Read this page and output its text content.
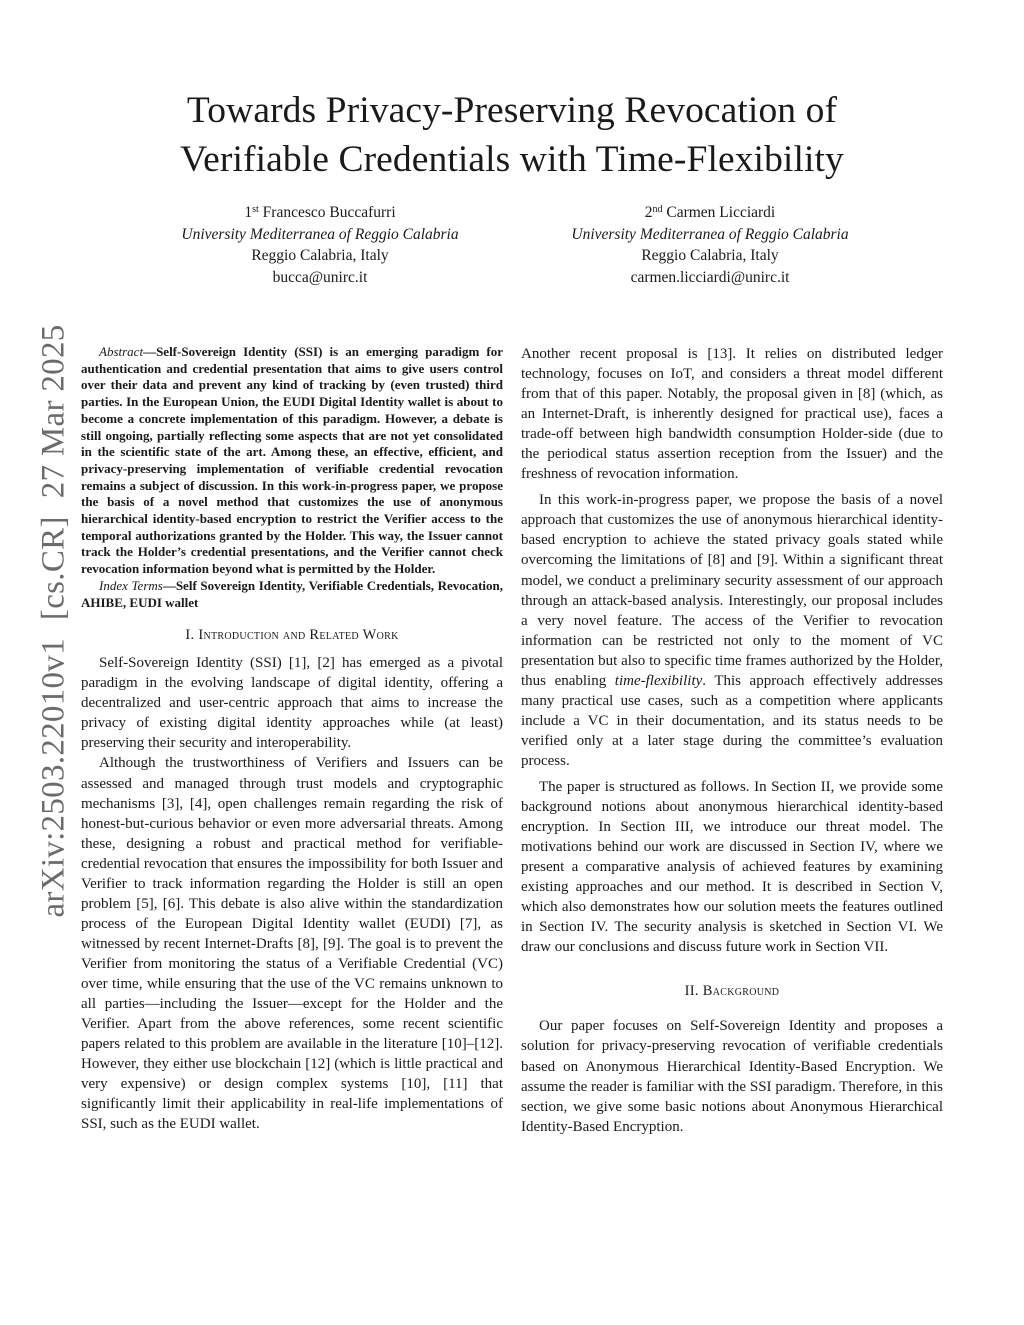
Towards Privacy-Preserving Revocation of
Verifiable Credentials with Time-Flexibility
1st Francesco Buccafurri
University Mediterranea of Reggio Calabria
Reggio Calabria, Italy
bucca@unirc.it
2nd Carmen Licciardi
University Mediterranea of Reggio Calabria
Reggio Calabria, Italy
carmen.licciardi@unirc.it
arXiv:2503.22010v1[cs.CR]27 Mar 2025	Abstract—Self-Sovereign Identity (SSI) is an emerging paradigm for authentication and credential presentation that aims to give users control over their data and prevent any kind of tracking by (even trusted) third parties. In the European Union, the EUDI Digital Identity wallet is about to become a concrete implementation of this paradigm. However, a debate is still ongoing, partially reflecting some aspects that are not yet consolidated in the scientific state of the art. Among these, an effective, efficient, and privacy-preserving implementation of verifiable credential revocation remains a subject of discussion. In this work-in-progress paper, we propose the basis of a novel method that customizes the use of anonymous hierarchical identity-based encryption to restrict the Verifier access to the temporal authorizations granted by the Holder. This way, the Issuer cannot track the Holder’s credential presentations, and the Verifier cannot check revocation information beyond what is permitted by the Holder.

Index Terms—Self Sovereign Identity, Verifiable Credentials, Revocation, AHIBE, EUDI wallet

I. Introduction and Related Work

Self-Sovereign Identity (SSI) [1], [2] has emerged as a pivotal paradigm in the evolving landscape of digital identity, offering a decentralized and user-centric approach that aims to increase the privacy of existing digital identity approaches while (at least) preserving their security and interoperability.

Although the trustworthiness of Verifiers and Issuers can be assessed and managed through trust models and cryptographic mechanisms [3], [4], open challenges remain regarding the risk of honest-but-curious behavior or even more adversarial threats. Among these, designing a robust and practical method for verifiable-credential revocation that ensures the impossibility for both Issuer and Verifier to track information regarding the Holder is still an open problem [5], [6]. This debate is also alive within the standardization process of the European Digital Identity wallet (EUDI) [7], as witnessed by recent Internet-Drafts [8], [9]. The goal is to prevent the Verifier from monitoring the status of a Verifiable Credential (VC) over time, while ensuring that the use of the VC remains unknown to all parties—including the Issuer—except for the Holder and the Verifier. Apart from the above references, some recent scientific papers related to this problem are available in the literature [10]–[12]. However, they either use blockchain [12] (which is little practical and very expensive) or design complex systems [10], [11] that significantly limit their applicability in real-life implementations of SSI, such as the EUDI wallet.

Another recent proposal is [13]. It relies on distributed ledger technology, focuses on IoT, and considers a threat model different from that of this paper. Notably, the proposal given in [8] (which, as an Internet-Draft, is inherently designed for practical use), faces a trade-off between high bandwidth consumption Holder-side (due to the periodical status assertion reception from the Issuer) and the freshness of revocation information.

In this work-in-progress paper, we propose the basis of a novel approach that customizes the use of anonymous hierarchical identity-based encryption to achieve the stated privacy goals stated while overcoming the limitations of [8] and [9]. Within a significant threat model, we conduct a preliminary security assessment of our approach through an attack-based analysis. Interestingly, our proposal includes a very novel feature. The access of the Verifier to revocation information can be restricted not only to the moment of VC presentation but also to specific time frames authorized by the Holder, thus enabling time-flexibility. This approach effectively addresses many practical use cases, such as a competition where applicants include a VC in their documentation, and its status needs to be verified only at a later stage during the committee’s evaluation process.

The paper is structured as follows. In Section II, we provide some background notions about anonymous hierarchical identity-based encryption. In Section III, we introduce our threat model. The motivations behind our work are discussed in Section IV, where we present a comparative analysis of achieved features by examining existing approaches and our method. It is described in Section V, which also demonstrates how our solution meets the features outlined in Section IV. The security analysis is sketched in Section VI. We draw our conclusions and discuss future work in Section VII.

II. Background

Our paper focuses on Self-Sovereign Identity and proposes a solution for privacy-preserving revocation of verifiable credentials based on Anonymous Hierarchical Identity-Based Encryption. We assume the reader is familiar with the SSI paradigm. Therefore, in this section, we give some basic notions about Anonymous Hierarchical Identity-Based Encryption.
